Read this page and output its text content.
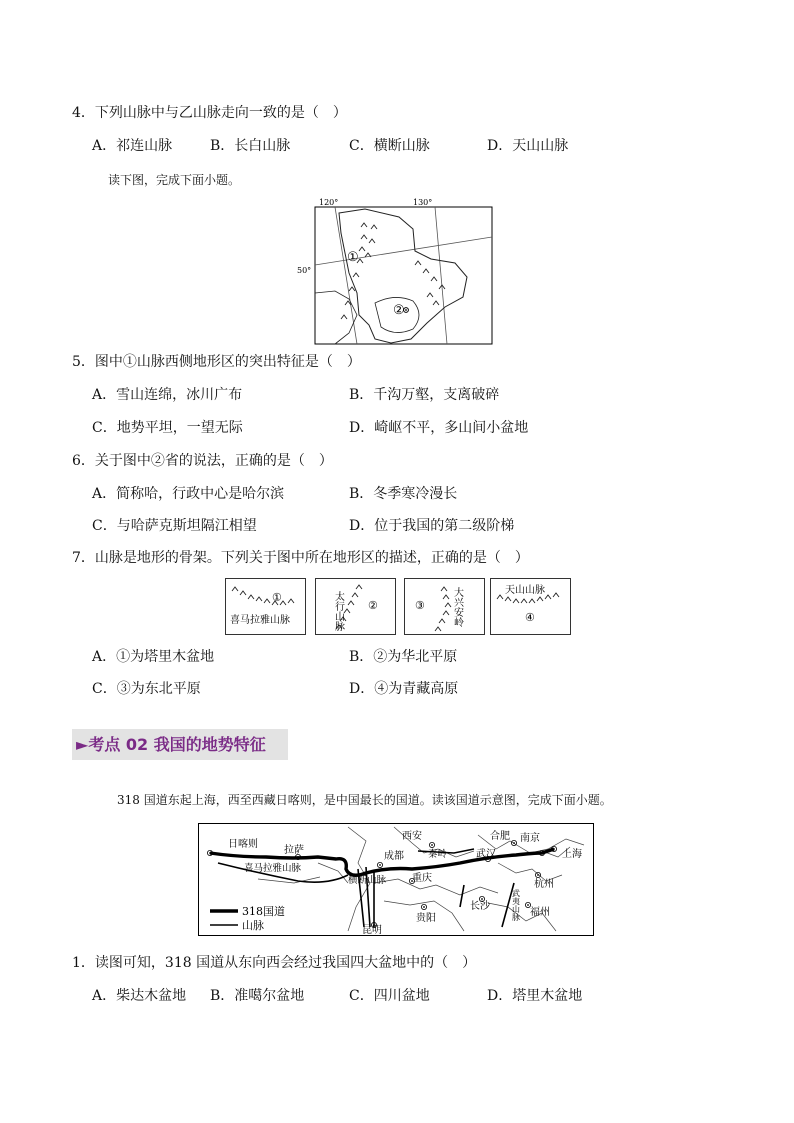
4．下列山脉中与乙山脉走向一致的是（　）
A．祁连山脉	B．长白山脉	C．横断山脉	D．天山山脉
读下图，完成下面小题。
120°	130°
50°
①
②
5．图中①山脉西侧地形区的突出特征是（　）
A．雪山连绵，冰川广布	B．千沟万壑，支离破碎
C．地势平坦，一望无际	D．崎岖不平，多山间小盆地
6．关于图中②省的说法，正确的是（　）
A．简称哈，行政中心是哈尔滨	B．冬季寒冷漫长
C．与哈萨克斯坦隔江相望	D．位于我国的第二级阶梯
7．山脉是地形的骨架。下列关于图中所在地形区的描述，正确的是（　）
①
喜马拉雅山脉	太行山脉 ②	③	大兴安岭	天山山脉
④
A．①为塔里木盆地	B．②为华北平原
C．③为东北平原	D．④为青藏高原
►考点 02 我国的地势特征
318 国道东起上海，西至西藏日喀则，是中国最长的国道。读该国道示意图，完成下面小题。
日喀则
拉萨
西安	合肥 南京
上海
成都	武汉
杭州
重庆
长沙
贵阳
昆明
福州
喜马拉雅山脉
横断山脉
秦岭
武夷山脉
318国道
山脉
1．读图可知，318 国道从东向西会经过我国四大盆地中的（　）
A．柴达木盆地 B．准噶尔盆地	C．四川盆地	D．塔里木盆地
